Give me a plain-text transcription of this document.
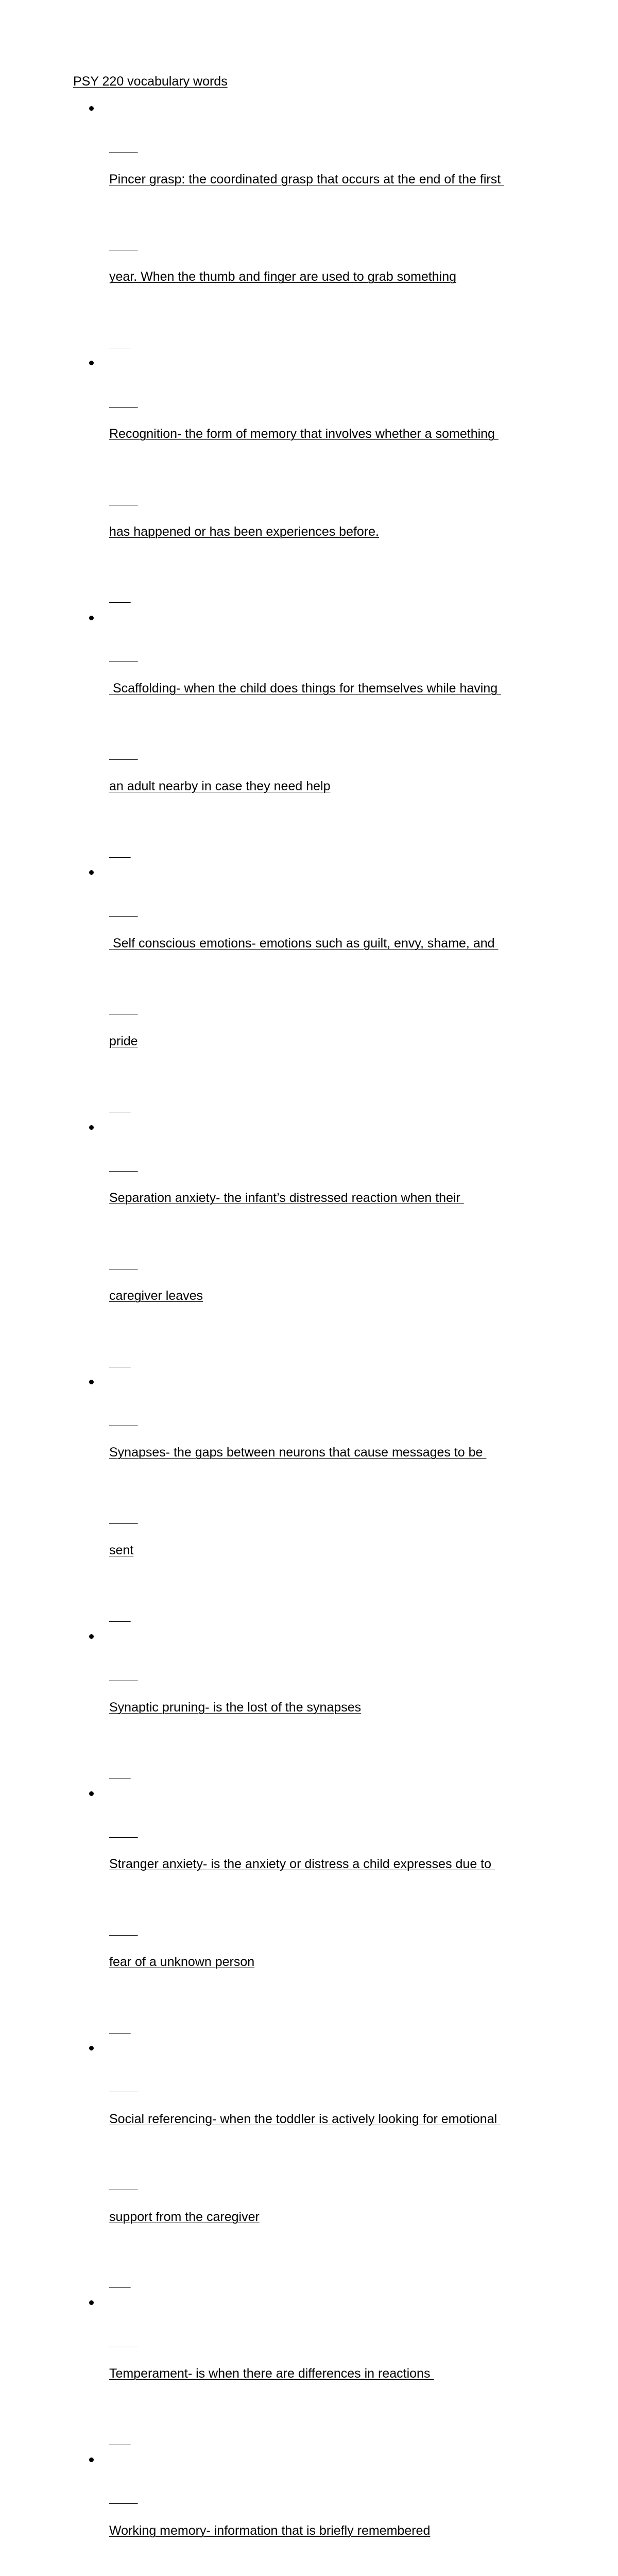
PSY 220 vocabulary words

Pincer grasp: the coordinated grasp that occurs at the end of the first

year. When the thumb and finger are used to grab something

Recognition- the form of memory that involves whether a something

has happened or has been experiences before.

Scaffolding- when the child does things for themselves while having

an adult nearby in case they need help

Self conscious emotions- emotions such as guilt, envy, shame, and

pride

Separation anxiety- the infant’s distressed reaction when their

caregiver leaves

Synapses- the gaps between neurons that cause messages to be

sent

Synaptic pruning- is the lost of the synapses

Stranger anxiety- is the anxiety or distress a child expresses due to

fear of a unknown person

Social referencing- when the toddler is actively looking for emotional

support from the caregiver

Temperament- is when there are differences in reactions

Working memory- information that is briefly remembered
